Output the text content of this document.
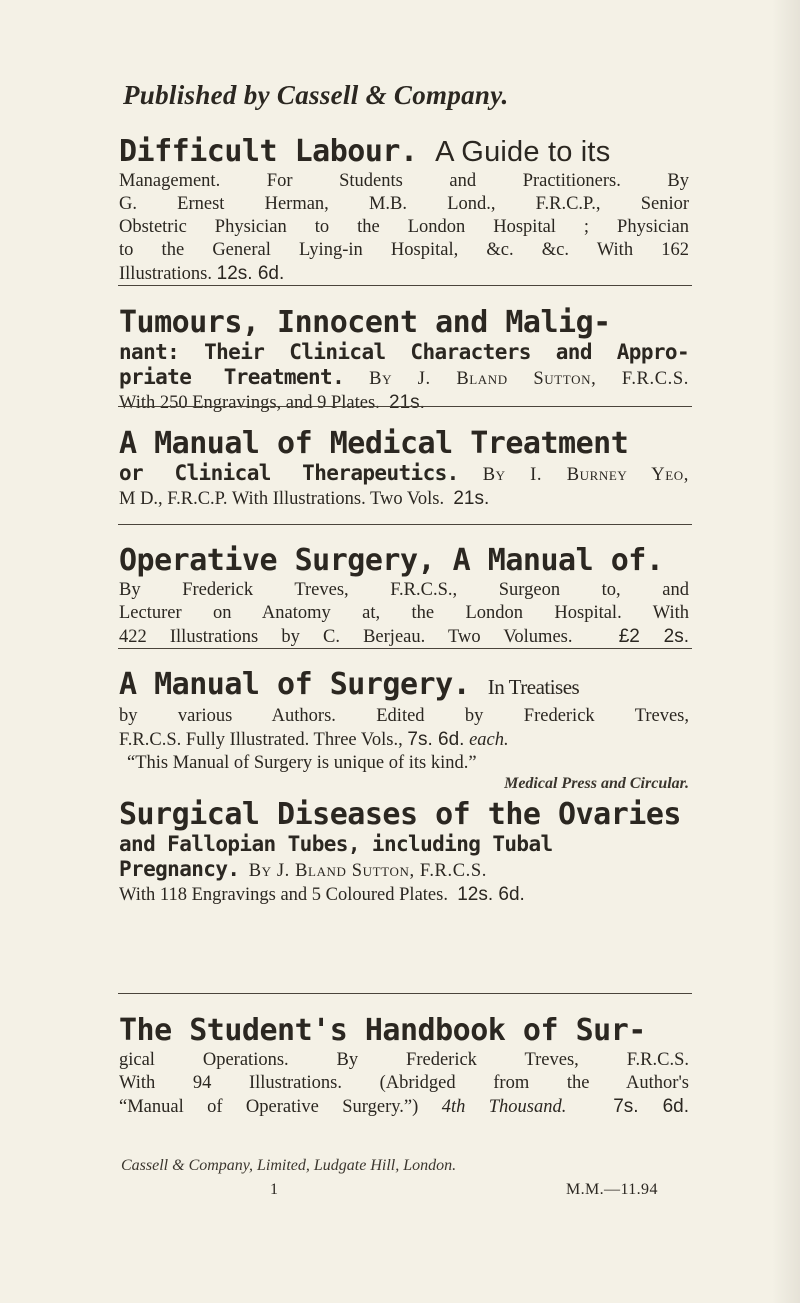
Published by Cassell & Company.
Difficult Labour. A Guide to its
Management. For Students and Practitioners. By
G. Ernest Herman, M.B. Lond., F.R.C.P., Senior
Obstetric Physician to the London Hospital ; Physician
to the General Lying-in Hospital, &c. &c. With 162
Illustrations. 12s. 6d.
Tumours, Innocent and Malig-
nant: Their Clinical Characters and Appro-
priate Treatment. By J. Bland Sutton, F.R.C.S.
With 250 Engravings, and 9 Plates. 21s.
A Manual of Medical Treatment
or Clinical Therapeutics. By I. Burney Yeo,
M D., F.R.C.P. With Illustrations. Two Vols. 21s.
Operative Surgery, A Manual of.
By Frederick Treves, F.R.C.S., Surgeon to, and
Lecturer on Anatomy at, the London Hospital. With
422 Illustrations by C. Berjeau. Two Volumes. £2 2s.
A Manual of Surgery. In Treatises
by various Authors. Edited by Frederick Treves,
F.R.C.S. Fully Illustrated. Three Vols., 7s. 6d. each.
“This Manual of Surgery is unique of its kind.”
Medical Press and Circular.
Surgical Diseases of the Ovaries
and Fallopian Tubes, including Tubal
Pregnancy. By J. Bland Sutton, F.R.C.S.
With 118 Engravings and 5 Coloured Plates. 12s. 6d.
The Student's Handbook of Sur-
gical Operations. By Frederick Treves, F.R.C.S.
With 94 Illustrations. (Abridged from the Author's
“Manual of Operative Surgery.”) 4th Thousand. 7s. 6d.
Cassell & Company, Limited, Ludgate Hill, London.
1	M.M.—11.94
